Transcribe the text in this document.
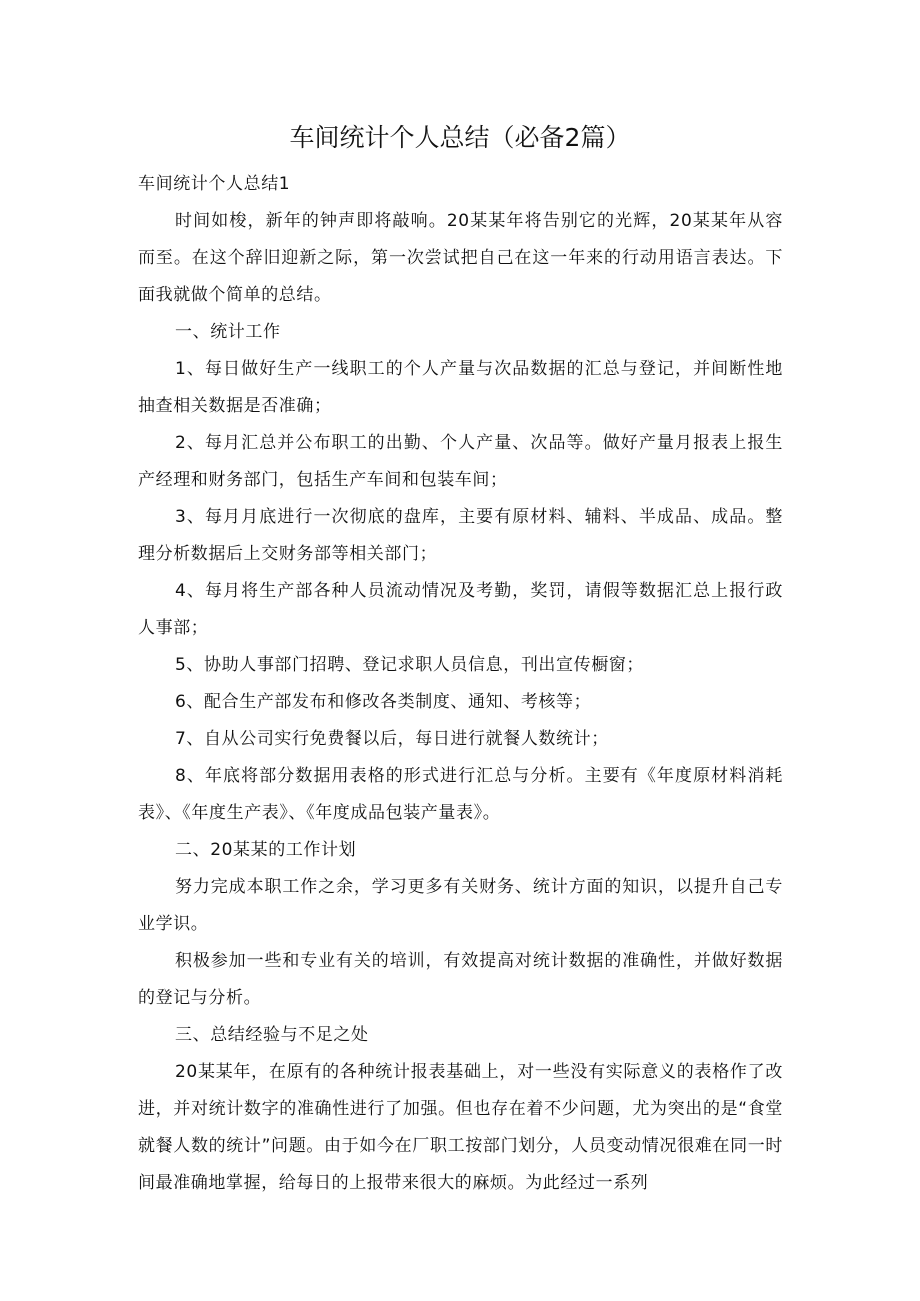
车间统计个人总结（必备2篇）

车间统计个人总结1

时间如梭，新年的钟声即将敲响。20某某年将告别它的光辉，20某某年从容而至。在这个辞旧迎新之际，第一次尝试把自己在这一年来的行动用语言表达。下面我就做个简单的总结。

一、统计工作

1、每日做好生产一线职工的个人产量与次品数据的汇总与登记，并间断性地抽查相关数据是否准确；

2、每月汇总并公布职工的出勤、个人产量、次品等。做好产量月报表上报生产经理和财务部门，包括生产车间和包装车间；

3、每月月底进行一次彻底的盘库，主要有原材料、辅料、半成品、成品。整理分析数据后上交财务部等相关部门；

4、每月将生产部各种人员流动情况及考勤，奖罚，请假等数据汇总上报行政人事部；

5、协助人事部门招聘、登记求职人员信息，刊出宣传橱窗；

6、配合生产部发布和修改各类制度、通知、考核等；

7、自从公司实行免费餐以后，每日进行就餐人数统计；

8、年底将部分数据用表格的形式进行汇总与分析。主要有《年度原材料消耗表》、《年度生产表》、《年度成品包装产量表》。

二、20某某的工作计划

努力完成本职工作之余，学习更多有关财务、统计方面的知识，以提升自己专业学识。

积极参加一些和专业有关的培训，有效提高对统计数据的准确性，并做好数据的登记与分析。

三、总结经验与不足之处

20某某年，在原有的各种统计报表基础上，对一些没有实际意义的表格作了改进，并对统计数字的准确性进行了加强。但也存在着不少问题，尤为突出的是“食堂就餐人数的统计”问题。由于如今在厂职工按部门划分，人员变动情况很难在同一时间最准确地掌握，给每日的上报带来很大的麻烦。为此经过一系列
